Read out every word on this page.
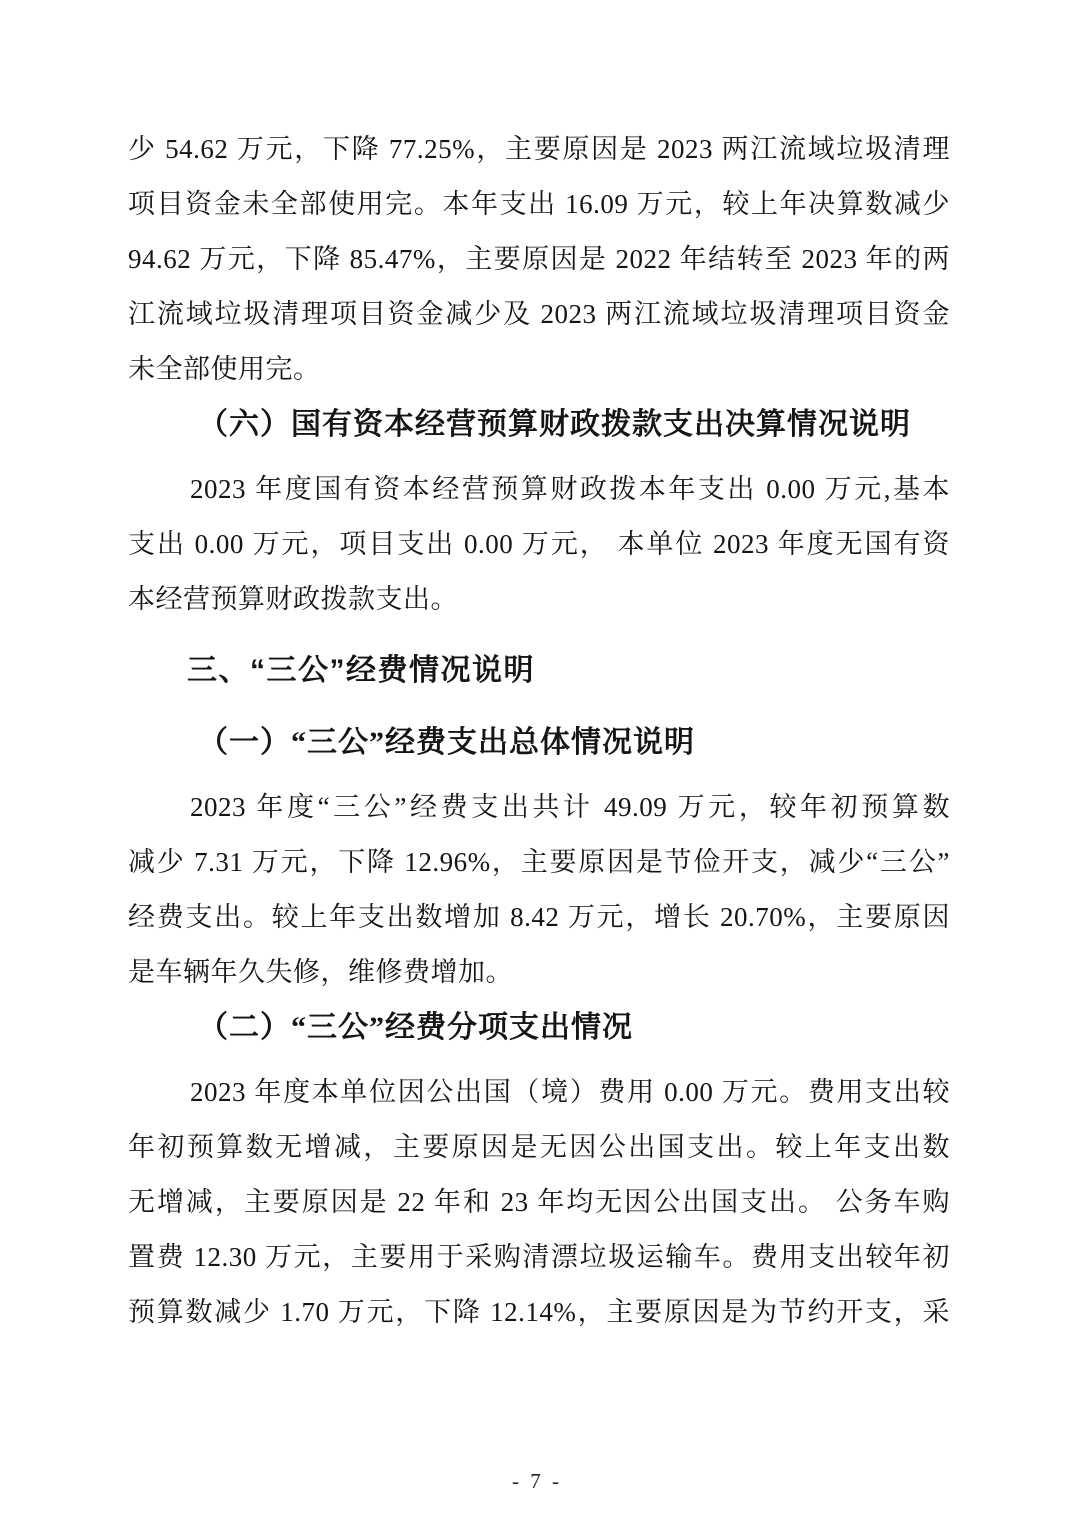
少 54.62 万元，下降 77.25%，主要原因是 2023 两江流域垃圾清理
项目资金未全部使用完。本年支出 16.09 万元，较上年决算数减少
94.62 万元，下降 85.47%，主要原因是 2022 年结转至 2023 年的两
江流域垃圾清理项目资金减少及 2023 两江流域垃圾清理项目资金
未全部使用完。
（六）国有资本经营预算财政拨款支出决算情况说明
2023 年度国有资本经营预算财政拨本年支出 0.00 万元,基本
支出 0.00 万元，项目支出 0.00 万元， 本单位 2023 年度无国有资
本经营预算财政拨款支出。
三、“三公”经费情况说明
（一）“三公”经费支出总体情况说明
2023 年度“三公”经费支出共计 49.09 万元，较年初预算数
减少 7.31 万元，下降 12.96%，主要原因是节俭开支，减少“三公”
经费支出。较上年支出数增加 8.42 万元，增长 20.70%，主要原因
是车辆年久失修，维修费增加。
（二）“三公”经费分项支出情况
2023 年度本单位因公出国（境）费用 0.00 万元。费用支出较
年初预算数无增减，主要原因是无因公出国支出。较上年支出数
无增减，主要原因是 22 年和 23 年均无因公出国支出。 公务车购
置费 12.30 万元，主要用于采购清漂垃圾运输车。费用支出较年初
预算数减少 1.70 万元，下降 12.14%，主要原因是为节约开支，采
- 7 -
